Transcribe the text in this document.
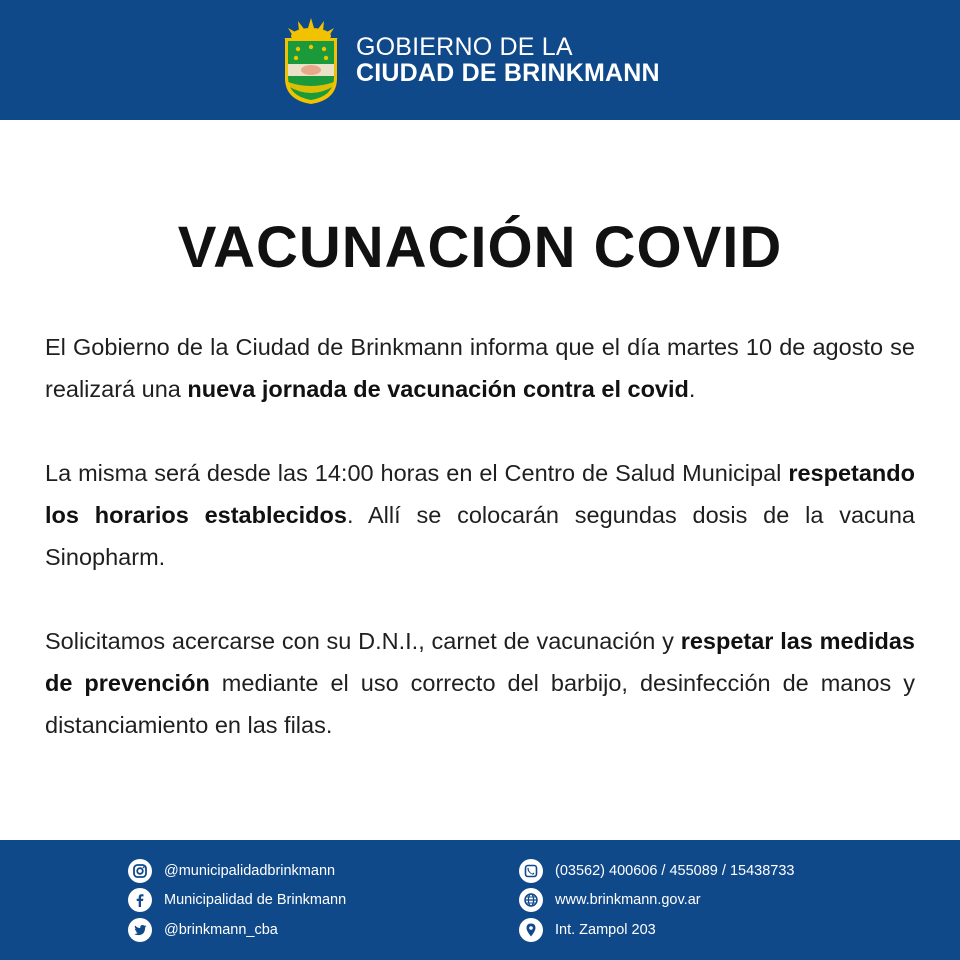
GOBIERNO DE LA
CIUDAD DE BRINKMANN
VACUNACIÓN COVID

El Gobierno de la Ciudad de Brinkmann informa que el día martes 10 de agosto se realizará una nueva jornada de vacunación contra el covid.

La misma será desde las 14:00 horas en el Centro de Salud Municipal respetando los horarios establecidos. Allí se colocarán segundas dosis de la vacuna Sinopharm.

Solicitamos acercarse con su D.N.I., carnet de vacunación y respetar las medidas de prevención mediante el uso correcto del barbijo, desinfección de manos y distanciamiento en las filas.

@municipalidadbrinkmann
Municipalidad de Brinkmann
@brinkmann_cba
(03562) 400606 / 455089 / 15438733
www.brinkmann.gov.ar
Int. Zampol 203
